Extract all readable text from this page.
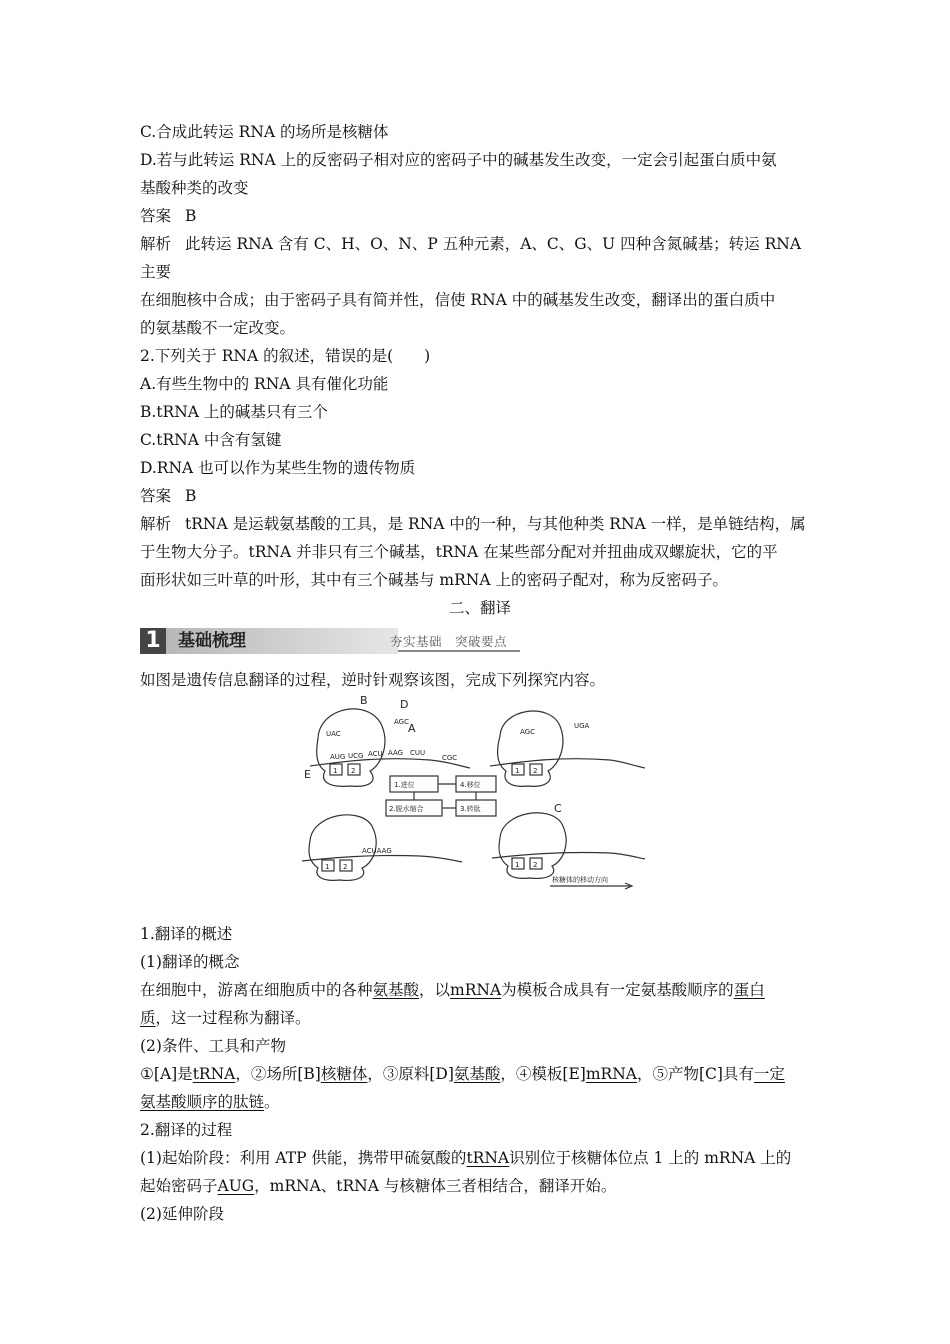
C.合成此转运 RNA 的场所是核糖体

D.若与此转运 RNA 上的反密码子相对应的密码子中的碱基发生改变，一定会引起蛋白质中氨

基酸种类的改变

答案 B

解析 此转运 RNA 含有 C、H、O、N、P 五种元素，A、C、G、U 四种含氮碱基；转运 RNA 主要

在细胞核中合成；由于密码子具有简并性，信使 RNA 中的碱基发生改变，翻译出的蛋白质中

的氨基酸不一定改变。

2.下列关于 RNA 的叙述，错误的是(　　)

A.有些生物中的 RNA 具有催化功能

B.tRNA 上的碱基只有三个

C.tRNA 中含有氢键

D.RNA 也可以作为某些生物的遗传物质

答案 B

解析 tRNA 是运载氨基酸的工具，是 RNA 中的一种，与其他种类 RNA 一样，是单链结构，属

于生物大分子。tRNA 并非只有三个碱基，tRNA 在某些部分配对并扭曲成双螺旋状，它的平

面形状如三叶草的叶形，其中有三个碱基与 mRNA 上的密码子配对，称为反密码子。

二、翻译

1	基础梳理	夯实基础　突破要点

如图是遗传信息翻译的过程，逆时针观察该图，完成下列探究内容。

B	D
A
E
C
UAC
AGC
AUG UCG ACU AAG CUU
CGC
1 2
AGC
UGA
1 2
1.进位	4.移位
2.脱水缩合	3.转肽
1 2
ACUAAG
1 2
核糖体的移动方向

1.翻译的概述

(1)翻译的概念

在细胞中，游离在细胞质中的各种氨基酸，以mRNA为模板合成具有一定氨基酸顺序的蛋白

质，这一过程称为翻译。

(2)条件、工具和产物

①[A]是tRNA，②场所[B]核糖体，③原料[D]氨基酸，④模板[E]mRNA，⑤产物[C]具有一定

氨基酸顺序的肽链。

2.翻译的过程

(1)起始阶段：利用 ATP 供能，携带甲硫氨酸的tRNA识别位于核糖体位点 1 上的 mRNA 上的

起始密码子AUG，mRNA、tRNA 与核糖体三者相结合，翻译开始。

(2)延伸阶段
